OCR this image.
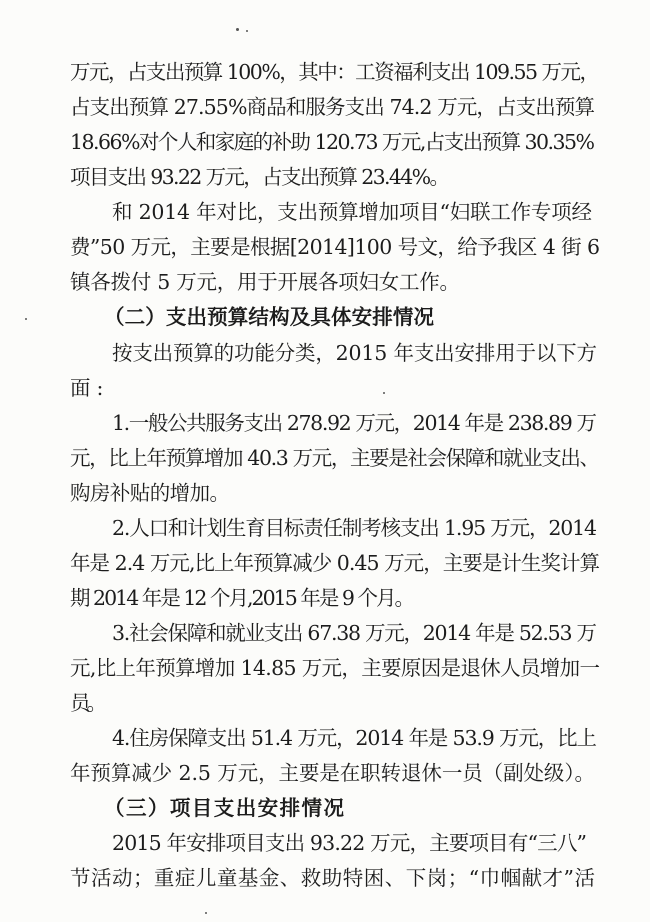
万元，占支出预算 100%，其中：工资福利支出 109.55 万元，
占支出预算 27.55%商品和服务支出 74.2 万元，占支出预算
18.66%对个人和家庭的补助 120.73 万元,占支出预算 30.35%
项目支出 93.22 万元，占支出预算 23.44%。
和 2014 年对比，支出预算增加项目“妇联工作专项经
费”50 万元，主要是根据[2014]100 号文，给予我区 4 街 6
镇各拨付 5 万元，用于开展各项妇女工作。
（二）支出预算结构及具体安排情况
按支出预算的功能分类，2015 年支出安排用于以下方
面:
1.一般公共服务支出 278.92 万元，2014 年是 238.89 万
元，比上年预算增加 40.3 万元，主要是社会保障和就业支出、
购房补贴的增加。
2.人口和计划生育目标责任制考核支出 1.95 万元，2014
年是 2.4 万元,比上年预算减少 0.45 万元，主要是计生奖计算
期 2014 年是 12 个月,2015 年是 9 个月。
3.社会保障和就业支出 67.38 万元，2014 年是 52.53 万
元,比上年预算增加 14.85 万元，主要原因是退休人员增加一
员。
4.住房保障支出 51.4 万元，2014 年是 53.9 万元，比上
年预算减少 2.5 万元，主要是在职转退休一员（副处级）。
（三）项目支出安排情况
2015 年安排项目支出 93.22 万元，主要项目有“三八”
节活动；重症儿童基金、救助特困、下岗；“巾帼献才”活
